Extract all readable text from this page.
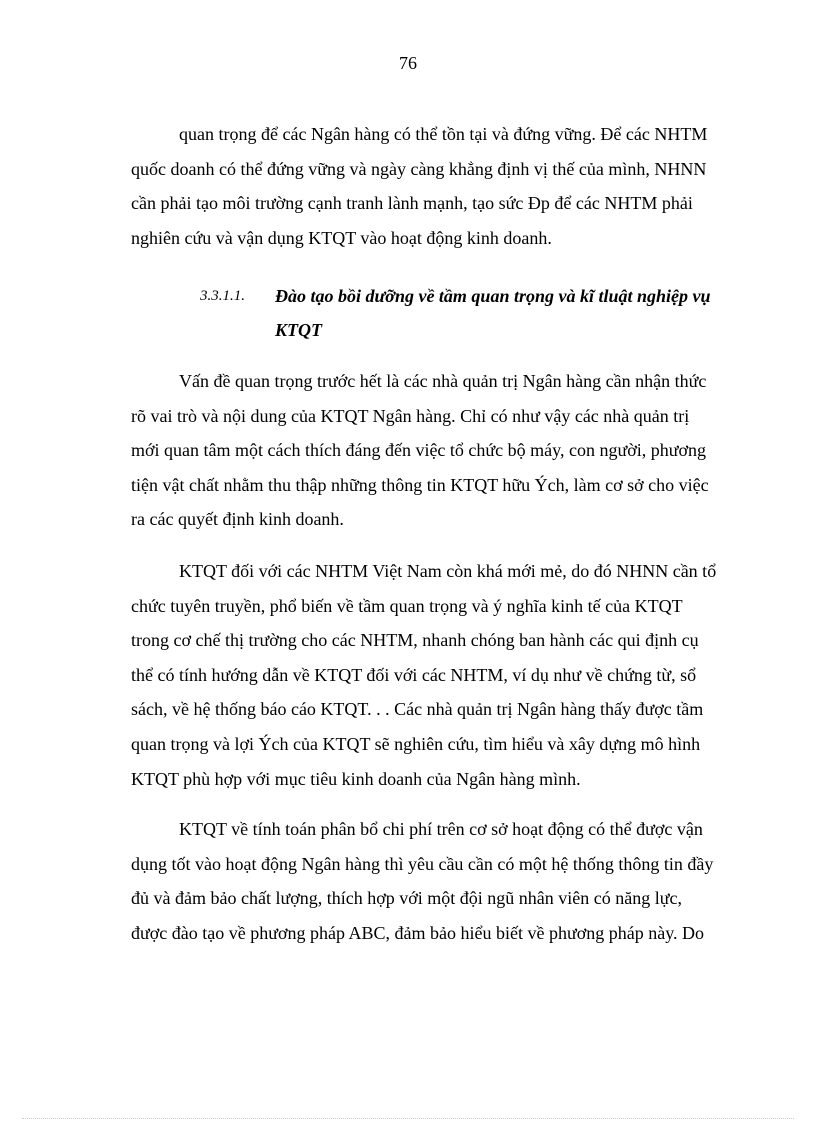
76

quan trọng để các Ngân hàng có thể tồn tại và đứng vững. Để các NHTM
quốc doanh có thể đứng vững và ngày càng khẳng định vị thế của mình, NHNN
cần phải tạo môi trường cạnh tranh lành mạnh, tạo sức Ðp để các NHTM phải
nghiên cứu và vận dụng KTQT vào hoạt động kinh doanh.

3.3.1.1. Đào tạo bồi dưỡng về tầm quan trọng và kĩ tluật nghiệp vụ
KTQT

Vấn đề quan trọng trước hết là các nhà quản trị Ngân hàng cần nhận thức
rõ vai trò và nội dung của KTQT Ngân hàng. Chỉ có như vậy các nhà quản trị
mới quan tâm một cách thích đáng đến việc tổ chức bộ máy, con người, phương
tiện vật chất nhằm thu thập những thông tin KTQT hữu Ých, làm cơ sở cho việc
ra các quyết định kinh doanh.

KTQT đối với các NHTM Việt Nam còn khá mới mẻ, do đó NHNN cần tổ
chức tuyên truyền, phổ biến về tầm quan trọng và ý nghĩa kinh tế của KTQT
trong cơ chế thị trường cho các NHTM, nhanh chóng ban hành các qui định cụ
thể có tính hướng dẫn về KTQT đối với các NHTM, ví dụ như về chứng từ, sổ
sách, về hệ thống báo cáo KTQT. . . Các nhà quản trị Ngân hàng thấy được tầm
quan trọng và lợi Ých của KTQT sẽ nghiên cứu, tìm hiểu và xây dựng mô hình
KTQT phù hợp với mục tiêu kinh doanh của Ngân hàng mình.

KTQT về tính toán phân bổ chi phí trên cơ sở hoạt động có thể được vận
dụng tốt vào hoạt động Ngân hàng thì yêu cầu cần có một hệ thống thông tin đầy
đủ và đảm bảo chất lượng, thích hợp với một đội ngũ nhân viên có năng lực,
được đào tạo về phương pháp ABC, đảm bảo hiểu biết về phương pháp này. Do
